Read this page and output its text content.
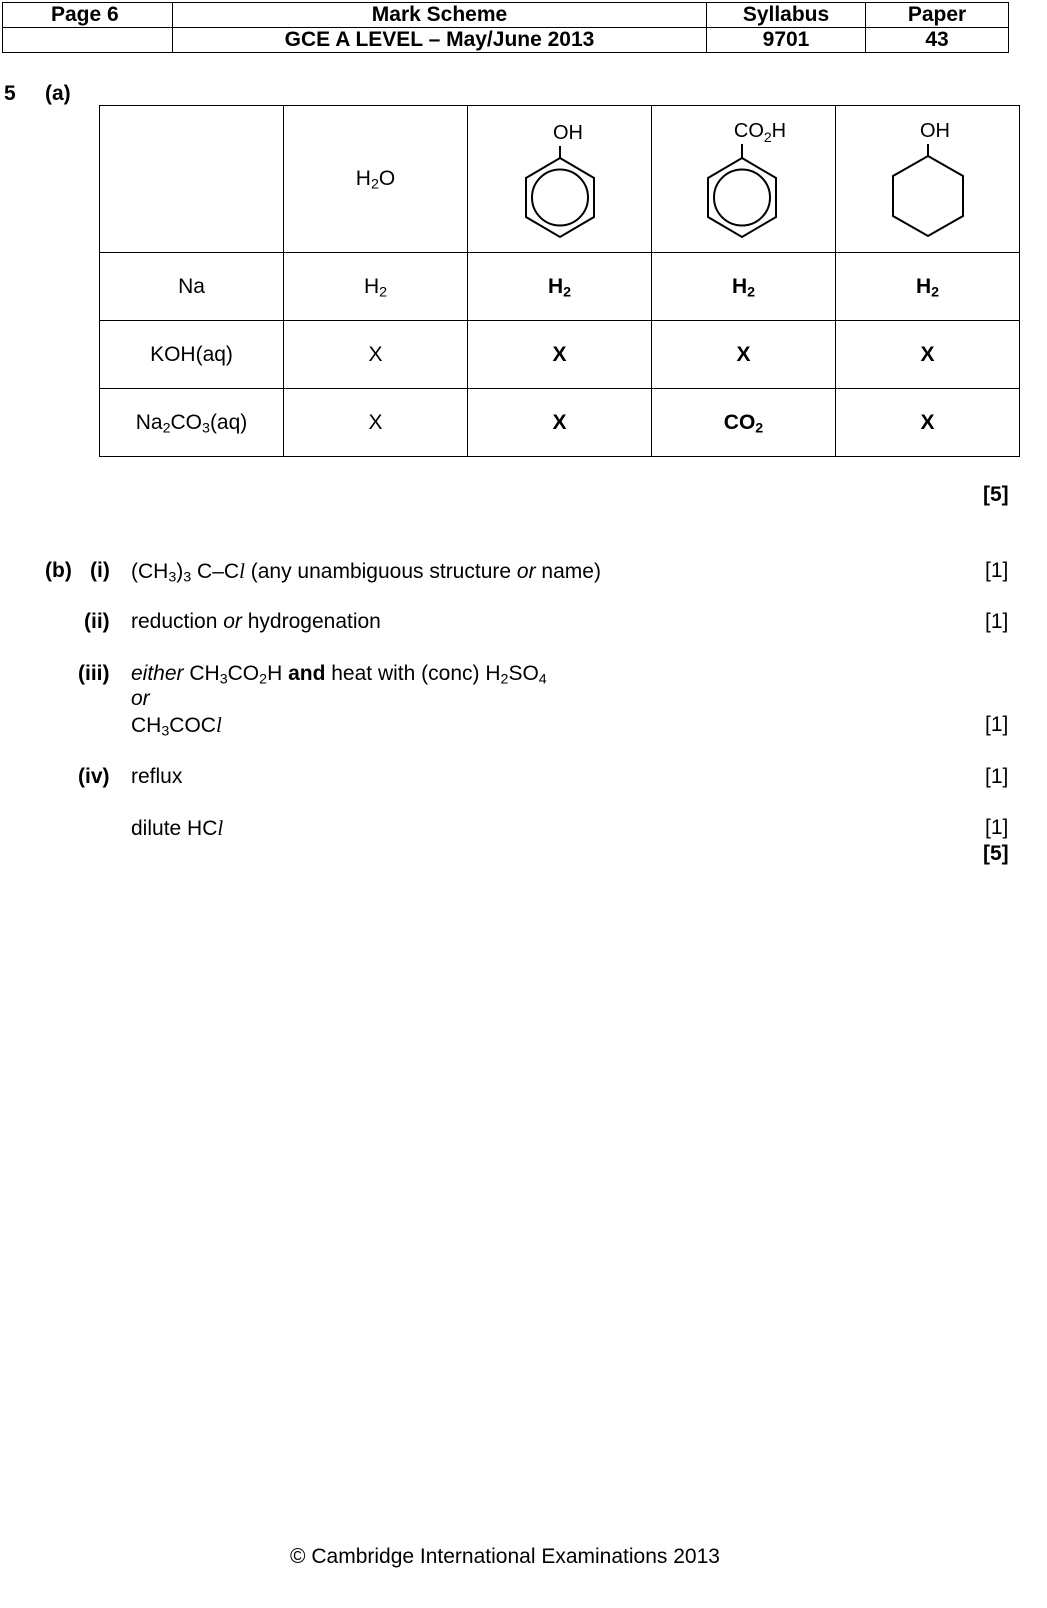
Page 6	Mark Scheme	Syllabus	Paper
	GCE A LEVEL – May/June 2013	9701	43
5 (a)
	$H_2O$	OH	$CO_2H$	OH

Na	$H_2$	$H_2$	$H_2$	$H_2$
KOH(aq)	X	X	X	X
$Na_2CO_3(aq)$	X	X	$CO_2$	X
[5]
(b) (i) $(CH_3)_3$ C–Cl (any unambiguous structure or name)	[1]
(ii) reduction or hydrogenation	[1]
(iii) either $CH_3CO_2H$ and heat with (conc) $H_2SO_4$
or
$CH_3COCl$	[1]
(iv) reflux	[1]
dilute HCl	[1]
[5]
© Cambridge International Examinations 2013
